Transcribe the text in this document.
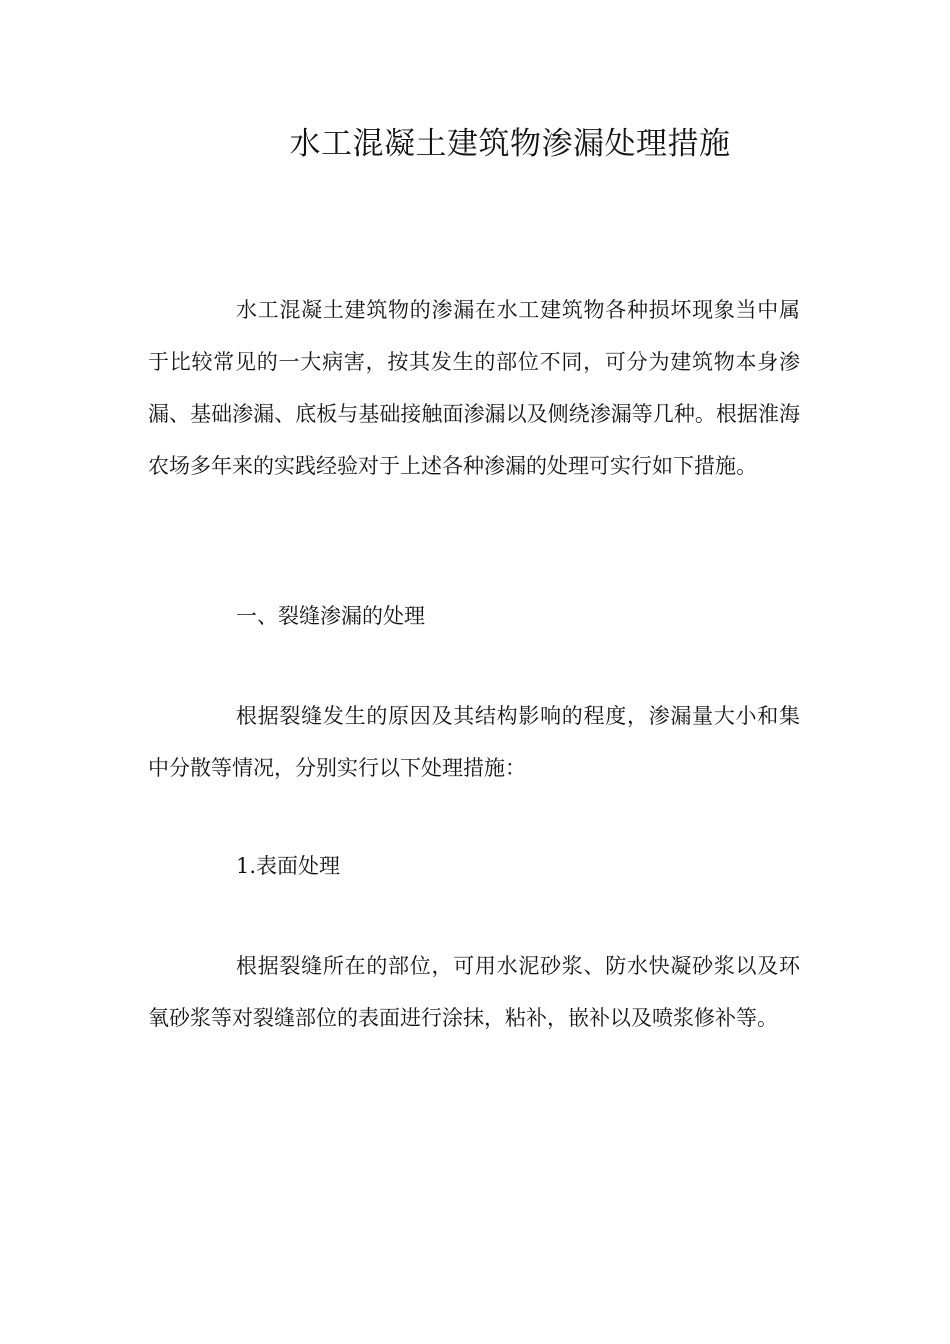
水工混凝土建筑物渗漏处理措施

水工混凝土建筑物的渗漏在水工建筑物各种损坏现象当中属于比较常见的一大病害，按其发生的部位不同，可分为建筑物本身渗漏、基础渗漏、底板与基础接触面渗漏以及侧绕渗漏等几种。根据淮海农场多年来的实践经验对于上述各种渗漏的处理可实行如下措施。

一、裂缝渗漏的处理

根据裂缝发生的原因及其结构影响的程度，渗漏量大小和集中分散等情况，分别实行以下处理措施：

1.表面处理

根据裂缝所在的部位，可用水泥砂浆、防水快凝砂浆以及环氧砂浆等对裂缝部位的表面进行涂抹，粘补，嵌补以及喷浆修补等。
